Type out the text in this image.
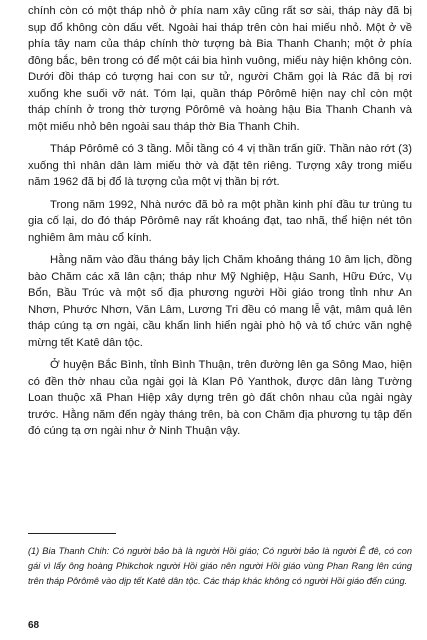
chính còn có một tháp nhỏ ở phía nam xây cũng rất sơ sài, tháp này đã bị sụp đổ không còn dấu vết. Ngoài hai tháp trên còn hai miếu nhỏ. Một ở về phía tây nam của tháp chính thờ tượng bà Bia Thanh Chanh; một ở phía đông bắc, bên trong có để một cái bia hình vuông, miếu này hiện không còn. Dưới đồi tháp có tượng hai con sư tử, người Chăm gọi là Rác đã bị rơi xuống khe suối vỡ nát. Tóm lại, quần tháp Pôrômê hiện nay chỉ còn một tháp chính ở trong thờ tượng Pôrômê và hoàng hậu Bia Thanh Chanh và một miếu nhỏ bên ngoài sau tháp thờ Bia Thanh Chih.

Tháp Pôrômê có 3 tầng. Mỗi tầng có 4 vị thần trấn giữ. Thần nào rớt (3) xuống thì nhân dân làm miếu thờ và đặt tên riêng. Tượng xây trong miếu năm 1962 đã bị đổ là tượng của một vị thần bị rớt.

Trong năm 1992, Nhà nước đã bỏ ra một phần kinh phí đầu tư trùng tu gia cố lại, do đó tháp Pôrômê nay rất khoáng đạt, tao nhã, thể hiện nét tôn nghiêm âm màu cổ kính.

Hằng năm vào đầu tháng bảy lịch Chăm khoảng tháng 10 âm lịch, đồng bào Chăm các xã lân cận; tháp như Mỹ Nghiệp, Hậu Sanh, Hữu Đức, Vụ Bổn, Bầu Trúc và một số địa phương người Hồi giáo trong tỉnh như An Nhơn, Phước Nhơn, Văn Lâm, Lương Tri đều có mang lễ vật, mâm quả lên tháp cúng tạ ơn ngài, cầu khẩn linh hiển ngài phò hộ và tổ chức văn nghệ mừng tết Katê dân tộc.

Ở huyện Bắc Bình, tỉnh Bình Thuận, trên đường lên ga Sông Mao, hiện có đền thờ nhau của ngài gọi là Klan Pô Yanthok, được dân làng Tường Loan thuộc xã Phan Hiệp xây dựng trên gò đất chôn nhau của ngài ngày trước. Hằng năm đến ngày tháng trên, bà con Chăm địa phương tụ tập đến đó cúng tạ ơn ngài như ở Ninh Thuận vậy.

(1) Bia Thanh Chih: Có người bảo bà là người Hồi giáo; Có người bảo là người Ê đê, có con gái vì lấy ông hoàng Phikchok người Hồi giáo nên người Hồi giáo vùng Phan Rang lên cúng trên tháp Pôrômê vào dịp tết Katê dân tộc. Các tháp khác không có người Hồi giáo đến cúng.
68
